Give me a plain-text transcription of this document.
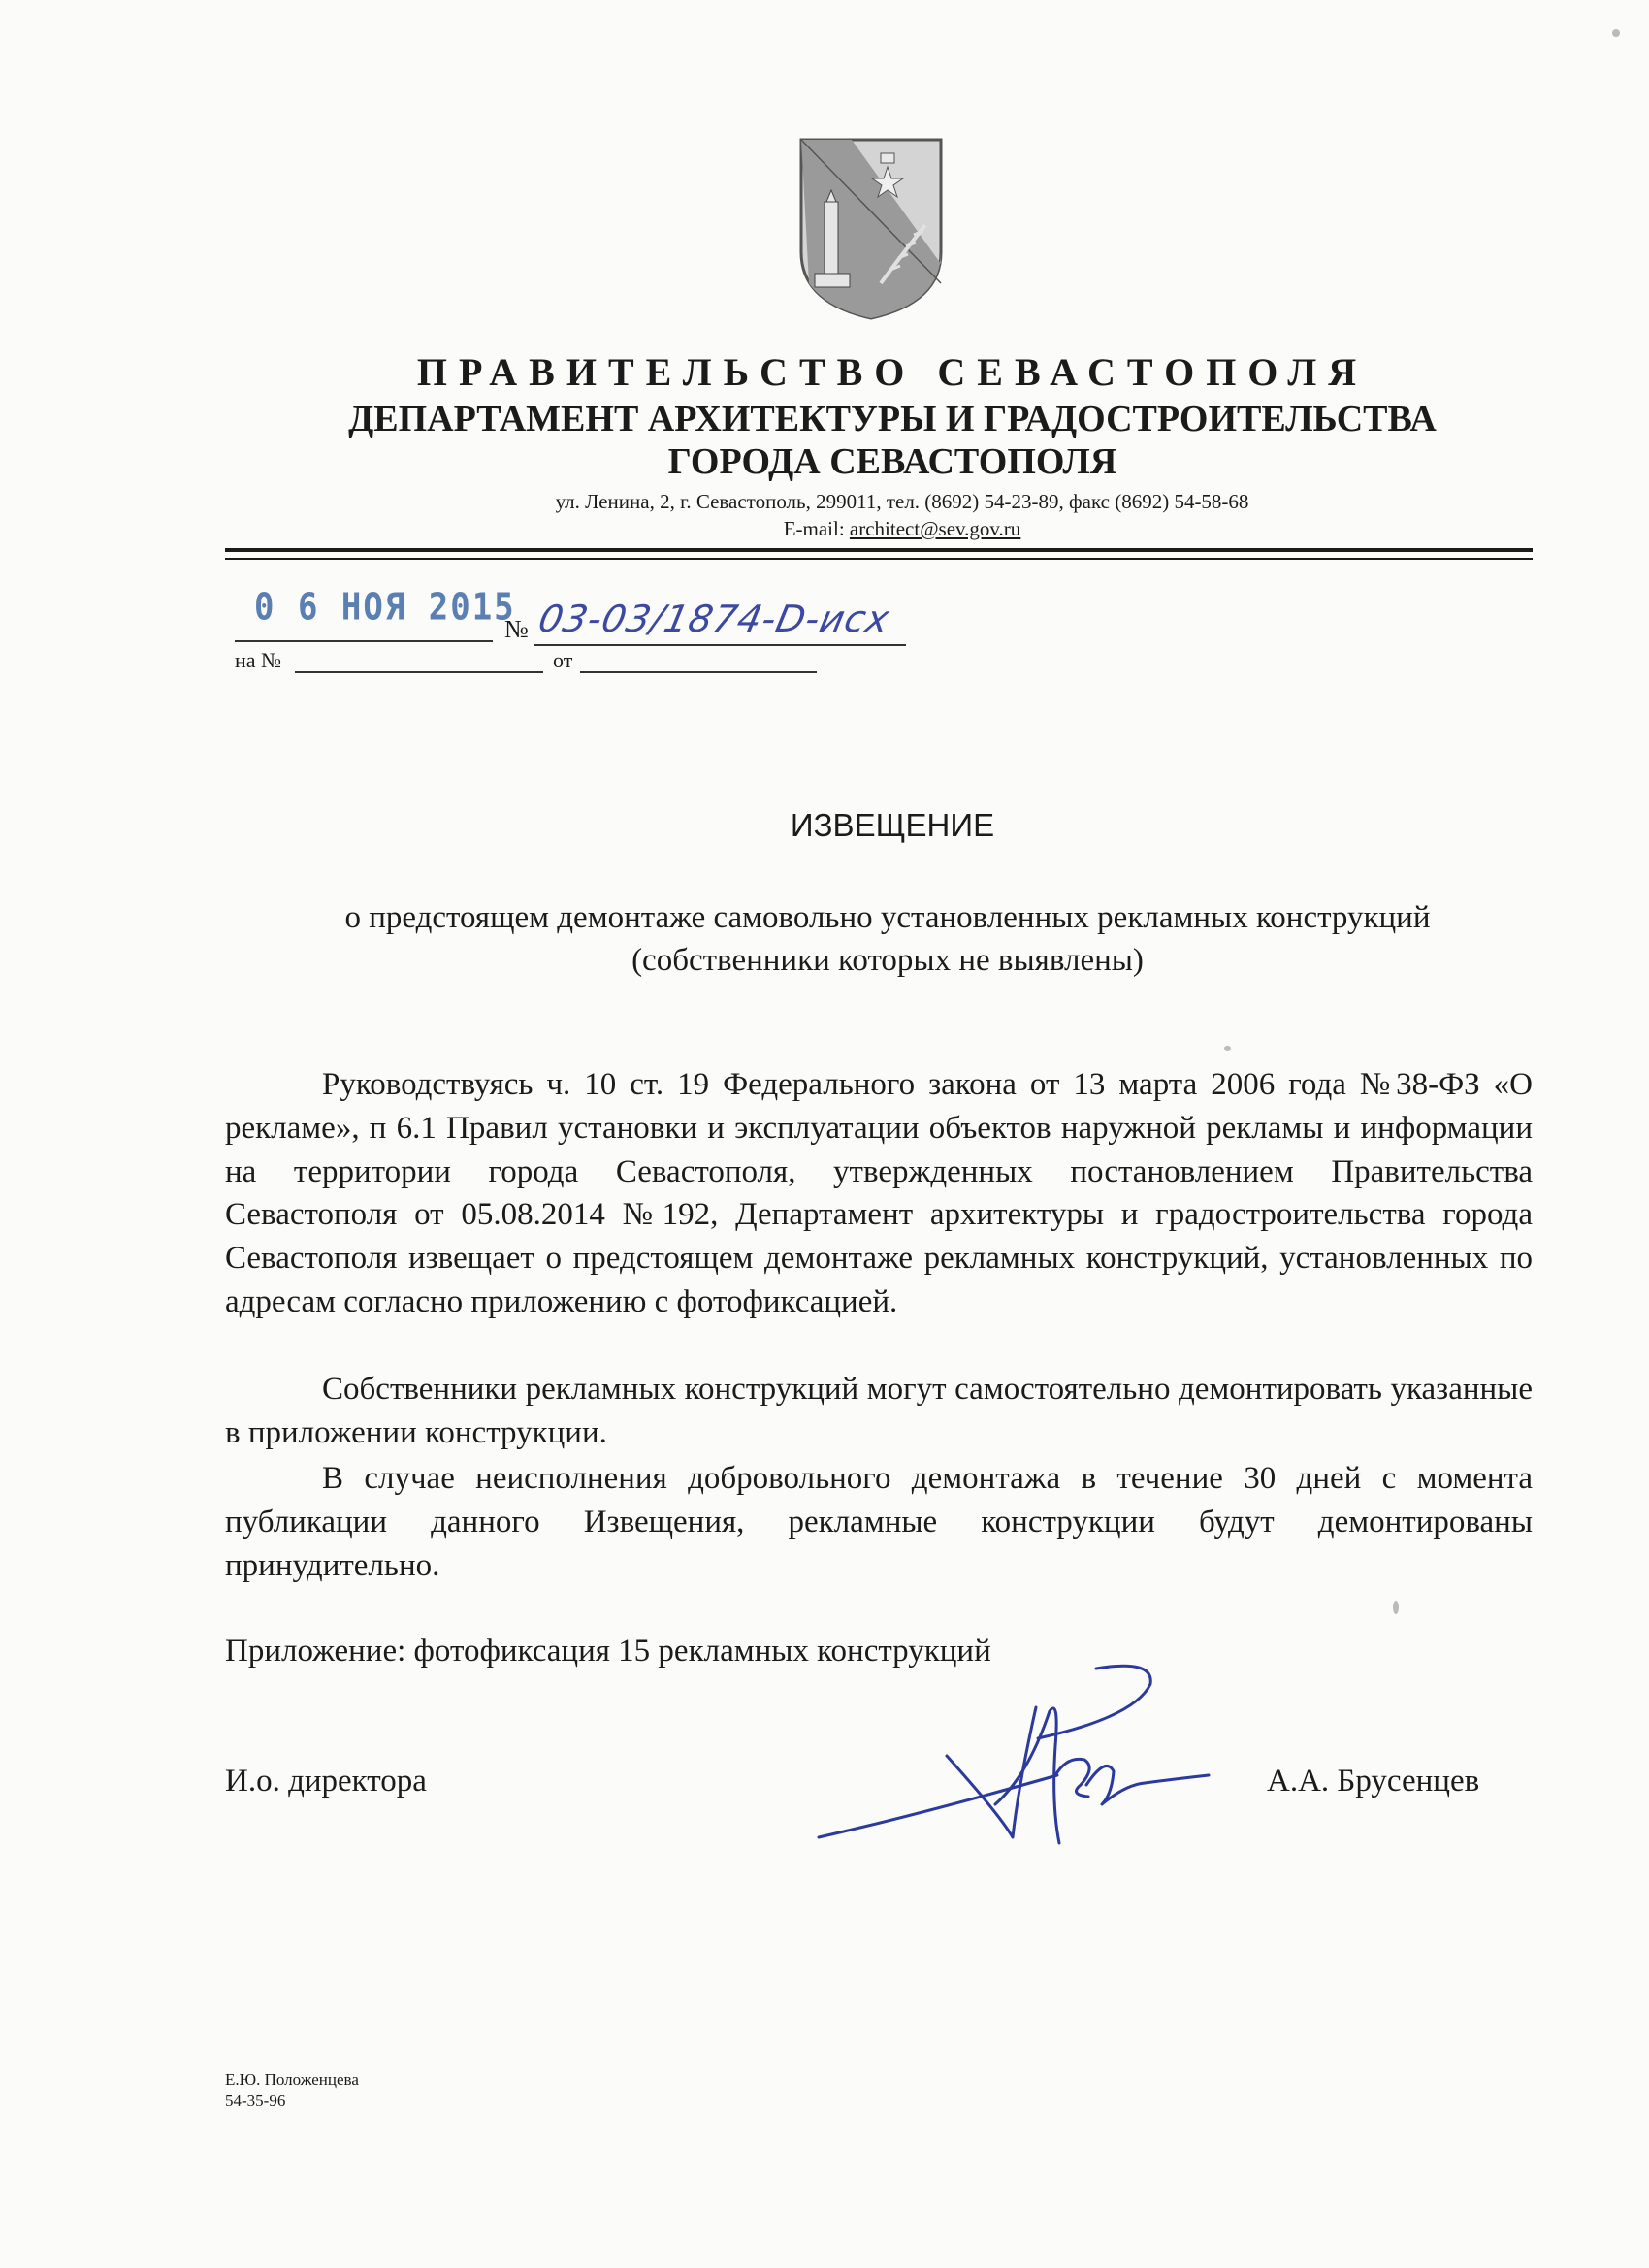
ПРАВИТЕЛЬСТВО СЕВАСТОПОЛЯ
ДЕПАРТАМЕНТ АРХИТЕКТУРЫ И ГРАДОСТРОИТЕЛЬСТВА
ГОРОДА СЕВАСТОПОЛЯ
ул. Ленина, 2, г. Севастополь, 299011, тел. (8692) 54-23-89, факс (8692) 54-58-68
E-mail: architect@sev.gov.ru
0 6 НОЯ 2015
№ 03-03/1874-D-исх
на №	от
ИЗВЕЩЕНИЕ
о предстоящем демонтаже самовольно установленных рекламных конструкций
(собственники которых не выявлены)

Руководствуясь ч. 10 ст. 19 Федерального закона от 13 марта 2006 года №38-ФЗ «О рекламе», п 6.1 Правил установки и эксплуатации объектов наружной рекламы и информации на территории города Севастополя, утвержденных постановлением Правительства Севастополя от 05.08.2014 №192, Департамент архитектуры и градостроительства города Севастополя извещает о предстоящем демонтаже рекламных конструкций, установленных по адресам согласно приложению с фотофиксацией.

Собственники рекламных конструкций могут самостоятельно демонтировать указанные в приложении конструкции.

В случае неисполнения добровольного демонтажа в течение 30 дней с момента публикации данного Извещения, рекламные конструкции будут демонтированы принудительно.

Приложение: фотофиксация 15 рекламных конструкций
И.о. директора	А.А. Брусенцев
Е.Ю. Положенцева
54-35-96
